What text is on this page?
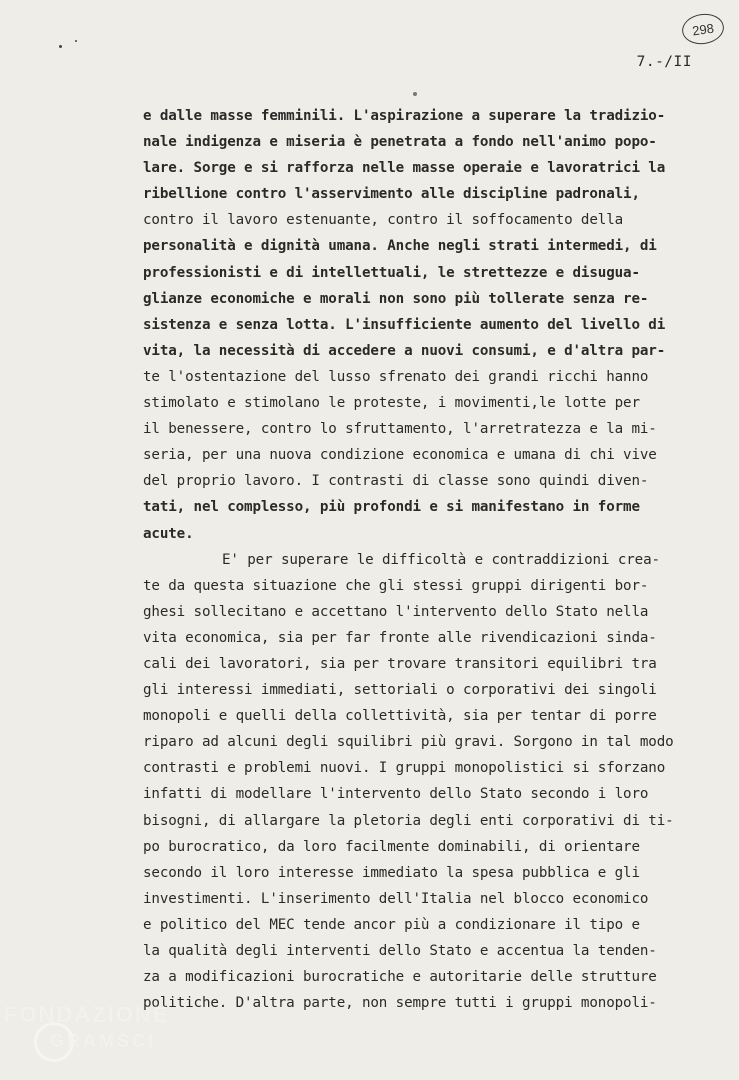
298
7.-/II
e dalle masse femminili. L'aspirazione a superare la tradizio-
nale indigenza e miseria è penetrata a fondo nell'animo popo-
lare. Sorge e si rafforza nelle masse operaie e lavoratrici la
ribellione contro l'asservimento alle discipline padronali,
contro il lavoro estenuante, contro il soffocamento della
personalità e dignità umana. Anche negli strati intermedi, di
professionisti e di intellettuali, le strettezze e disugua-
glianze economiche e morali non sono più tollerate senza re-
sistenza e senza lotta. L'insufficiente aumento del livello di
vita, la necessità di accedere a nuovi consumi, e d'altra par-
te l'ostentazione del lusso sfrenato dei grandi ricchi hanno
stimolato e stimolano le proteste, i movimenti,le lotte per
il benessere, contro lo sfruttamento, l'arretratezza e la mi-
seria, per una nuova condizione economica e umana di chi vive
del proprio lavoro. I contrasti di classe sono quindi diven-
tati, nel complesso, più profondi e si manifestano in forme
acute.
E' per superare le difficoltà e contraddizioni crea-
te da questa situazione che gli stessi gruppi dirigenti bor-
ghesi sollecitano e accettano l'intervento dello Stato nella
vita economica, sia per far fronte alle rivendicazioni sinda-
cali dei lavoratori, sia per trovare transitori equilibri tra
gli interessi immediati, settoriali o corporativi dei singoli
monopoli e quelli della collettività, sia per tentar di porre
riparo ad alcuni degli squilibri più gravi. Sorgono in tal modo
contrasti e problemi nuovi. I gruppi monopolistici si sforzano
infatti di modellare l'intervento dello Stato secondo i loro
bisogni, di allargare la pletoria degli enti corporativi di ti-
po burocratico, da loro facilmente dominabili, di orientare
secondo il loro interesse immediato la spesa pubblica e gli
investimenti. L'inserimento dell'Italia nel blocco economico
e politico del MEC tende ancor più a condizionare il tipo e
la qualità degli interventi dello Stato e accentua la tenden-
za a modificazioni burocratiche e autoritarie delle strutture
politiche. D'altra parte, non sempre tutti i gruppi monopoli-
FONDAZIONE
GRAMSCI
